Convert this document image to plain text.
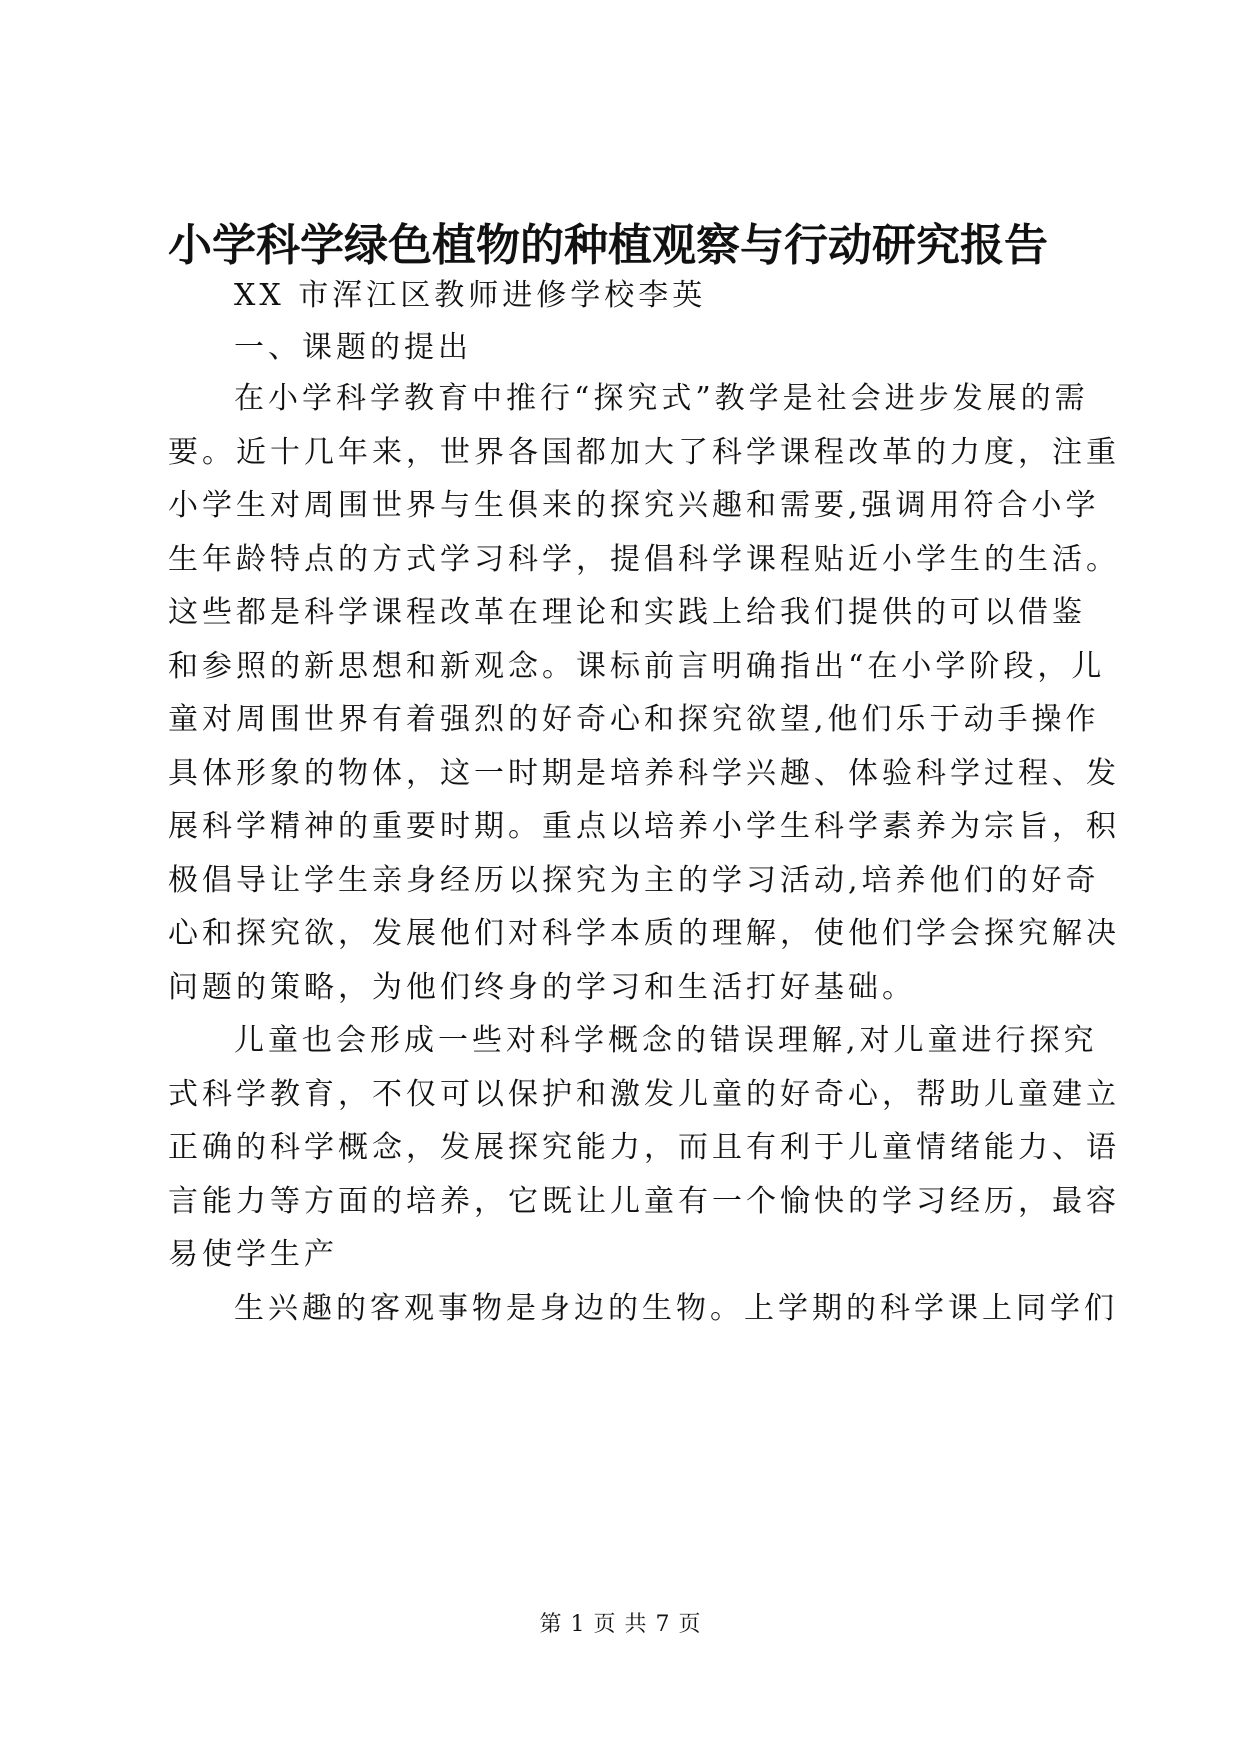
小学科学绿色植物的种植观察与行动研究报告
XX 市浑江区教师进修学校李英
一、课题的提出
在小学科学教育中推行“探究式”教学是社会进步发展的需
要。近十几年来，世界各国都加大了科学课程改革的力度，注重
小学生对周围世界与生俱来的探究兴趣和需要,强调用符合小学
生年龄特点的方式学习科学，提倡科学课程贴近小学生的生活。
这些都是科学课程改革在理论和实践上给我们提供的可以借鉴
和参照的新思想和新观念。课标前言明确指出“在小学阶段，儿
童对周围世界有着强烈的好奇心和探究欲望,他们乐于动手操作
具体形象的物体，这一时期是培养科学兴趣、体验科学过程、发
展科学精神的重要时期。重点以培养小学生科学素养为宗旨，积
极倡导让学生亲身经历以探究为主的学习活动,培养他们的好奇
心和探究欲，发展他们对科学本质的理解，使他们学会探究解决
问题的策略，为他们终身的学习和生活打好基础。
儿童也会形成一些对科学概念的错误理解,对儿童进行探究
式科学教育，不仅可以保护和激发儿童的好奇心，帮助儿童建立
正确的科学概念，发展探究能力，而且有利于儿童情绪能力、语
言能力等方面的培养，它既让儿童有一个愉快的学习经历，最容
易使学生产
生兴趣的客观事物是身边的生物。上学期的科学课上同学们
第 1 页 共 7 页
